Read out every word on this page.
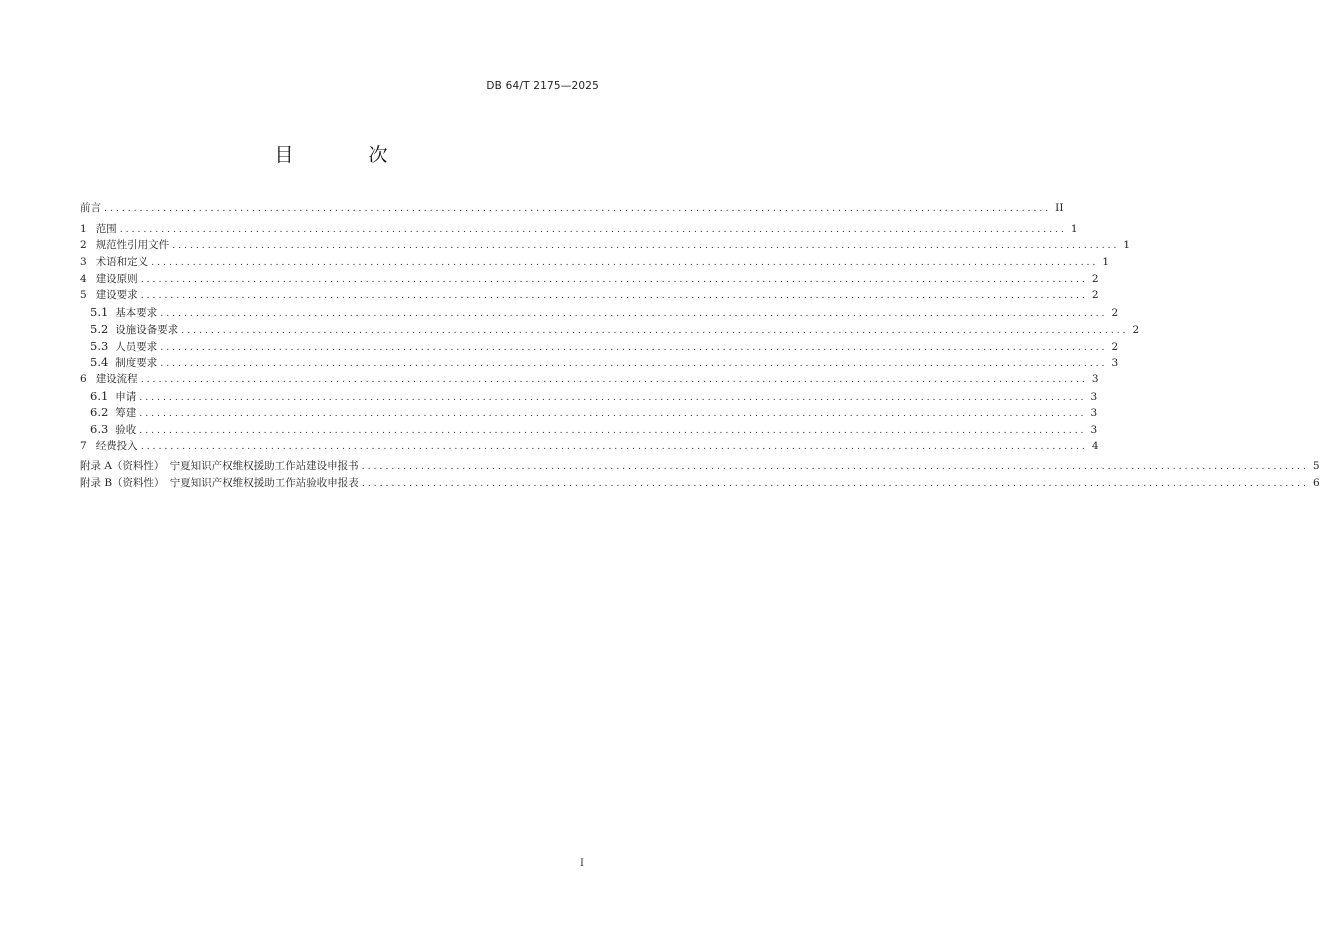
DB 64/T 2175—2025
目　次
前言 ................................................................................................................................................................ II
1 范围 ................................................................................................................................................................ 1
2 规范性引用文件 ................................................................................................................................................................ 1
3 术语和定义 ................................................................................................................................................................ 1
4 建设原则 ................................................................................................................................................................ 2
5 建设要求 ................................................................................................................................................................ 2
5.1 基本要求 ................................................................................................................................................................ 2
5.2 设施设备要求 ................................................................................................................................................................ 2
5.3 人员要求 ................................................................................................................................................................ 2
5.4 制度要求 ................................................................................................................................................................ 3
6 建设流程 ................................................................................................................................................................ 3
6.1 申请 ................................................................................................................................................................ 3
6.2 筹建 ................................................................................................................................................................ 3
6.3 验收 ................................................................................................................................................................ 3
7 经费投入 ................................................................................................................................................................ 4
附录 A（资料性）　宁夏知识产权维权援助工作站建设申报书 ................................................................................................................................................................ 5
附录 B（资料性）　宁夏知识产权维权援助工作站验收申报表 ................................................................................................................................................................ 6
I
